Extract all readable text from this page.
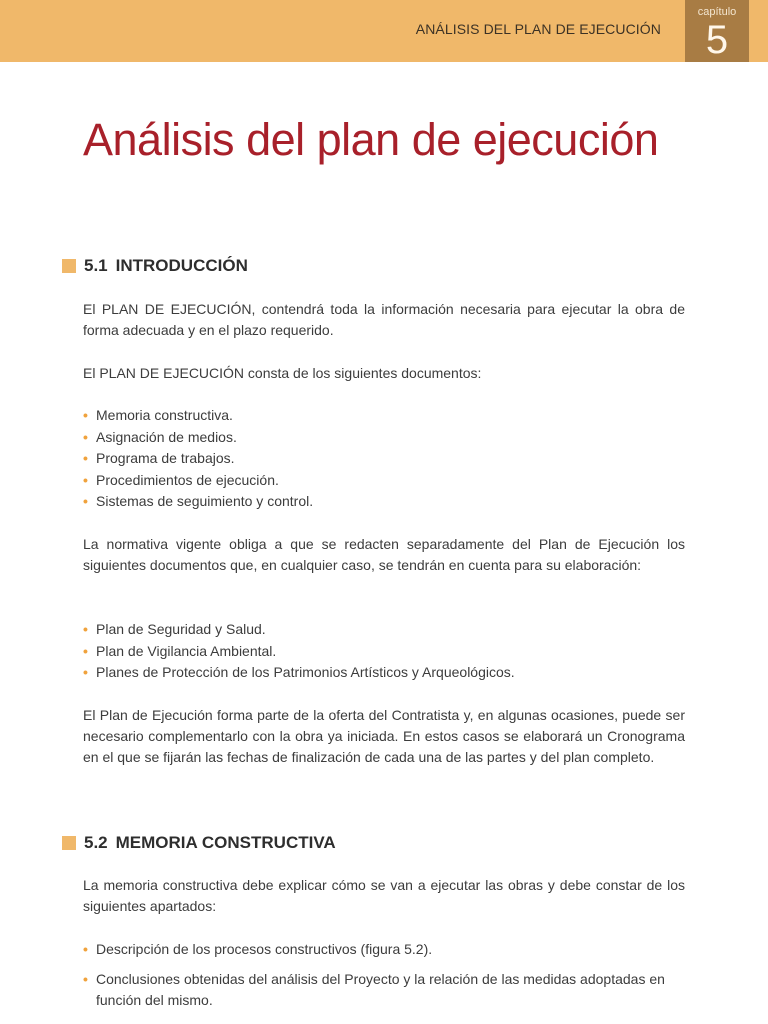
ANÁLISIS DEL PLAN DE EJECUCIÓN
capítulo
5
Análisis del plan de ejecución
5.1 INTRODUCCIÓN

El PLAN DE EJECUCIÓN, contendrá toda la información necesaria para ejecutar la obra de forma adecuada y en el plazo requerido.

El PLAN DE EJECUCIÓN consta de los siguientes documentos:

• Memoria constructiva.
• Asignación de medios.
• Programa de trabajos.
• Procedimientos de ejecución.
• Sistemas de seguimiento y control.

La normativa vigente obliga a que se redacten separadamente del Plan de Ejecución los siguientes documentos que, en cualquier caso, se tendrán en cuenta para su elaboración:

• Plan de Seguridad y Salud.
• Plan de Vigilancia Ambiental.
• Planes de Protección de los Patrimonios Artísticos y Arqueológicos.

El Plan de Ejecución forma parte de la oferta del Contratista y, en algunas ocasiones, puede ser necesario complementarlo con la obra ya iniciada. En estos casos se elaborará un Cronograma en el que se fijarán las fechas de finalización de cada una de las partes y del plan completo.

5.2 MEMORIA CONSTRUCTIVA

La memoria constructiva debe explicar cómo se van a ejecutar las obras y debe constar de los siguientes apartados:

• Descripción de los procesos constructivos (figura 5.2).
• Conclusiones obtenidas del análisis del Proyecto y la relación de las medidas adoptadas en función del mismo.
